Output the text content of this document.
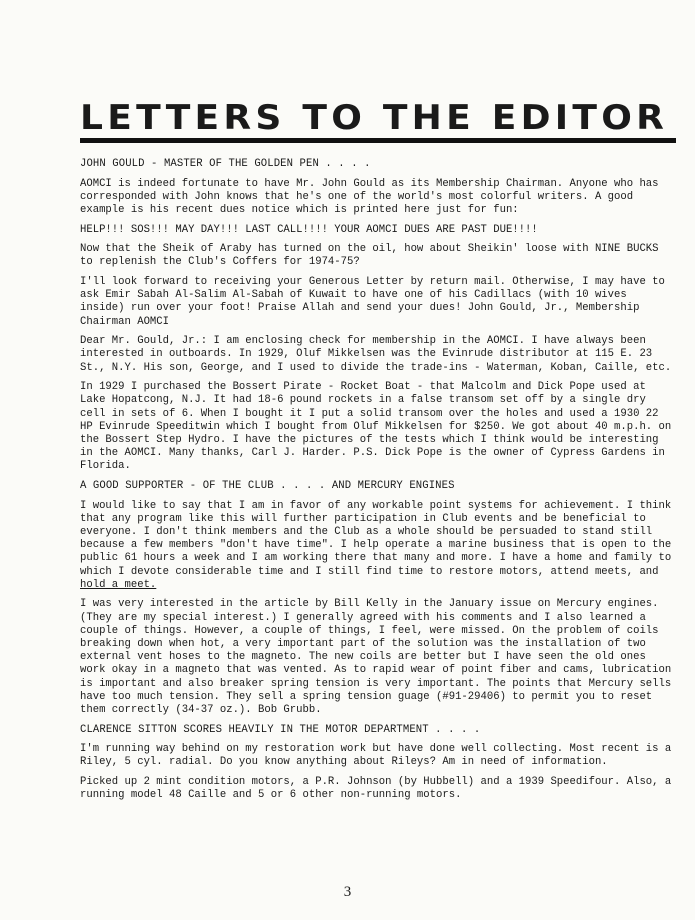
LETTERS TO THE EDITOR

JOHN GOULD - MASTER OF THE GOLDEN PEN . . . .

AOMCI is indeed fortunate to have Mr. John Gould as its Membership Chairman. Anyone who has corresponded with John knows that he's one of the world's most colorful writers. A good example is his recent dues notice which is printed here just for fun:

HELP!!! SOS!!! MAY DAY!!! LAST CALL!!!! YOUR AOMCI DUES ARE PAST DUE!!!!

Now that the Sheik of Araby has turned on the oil, how about Sheikin' loose with NINE BUCKS to replenish the Club's Coffers for 1974-75?

I'll look forward to receiving your Generous Letter by return mail. Otherwise, I may have to ask Emir Sabah Al-Salim Al-Sabah of Kuwait to have one of his Cadillacs (with 10 wives inside) run over your foot! Praise Allah and send your dues! John Gould, Jr., Membership Chairman AOMCI

Dear Mr. Gould, Jr.: I am enclosing check for membership in the AOMCI. I have always been interested in outboards. In 1929, Oluf Mikkelsen was the Evinrude distributor at 115 E. 23 St., N.Y. His son, George, and I used to divide the trade-ins - Waterman, Koban, Caille, etc.

In 1929 I purchased the Bossert Pirate - Rocket Boat - that Malcolm and Dick Pope used at Lake Hopatcong, N.J. It had 18-6 pound rockets in a false transom set off by a single dry cell in sets of 6. When I bought it I put a solid transom over the holes and used a 1930 22 HP Evinrude Speeditwin which I bought from Oluf Mikkelsen for $250. We got about 40 m.p.h. on the Bossert Step Hydro. I have the pictures of the tests which I think would be interesting in the AOMCI. Many thanks, Carl J. Harder. P.S. Dick Pope is the owner of Cypress Gardens in Florida.

A GOOD SUPPORTER - OF THE CLUB . . . . AND MERCURY ENGINES

I would like to say that I am in favor of any workable point systems for achievement. I think that any program like this will further participation in Club events and be beneficial to everyone. I don't think members and the Club as a whole should be persuaded to stand still because a few members "don't have time". I help operate a marine business that is open to the public 61 hours a week and I am working there that many and more. I have a home and family to which I devote considerable time and I still find time to restore motors, attend meets, and hold a meet.

I was very interested in the article by Bill Kelly in the January issue on Mercury engines. (They are my special interest.) I generally agreed with his comments and I also learned a couple of things. However, a couple of things, I feel, were missed. On the problem of coils breaking down when hot, a very important part of the solution was the installation of two external vent hoses to the magneto. The new coils are better but I have seen the old ones work okay in a magneto that was vented. As to rapid wear of point fiber and cams, lubrication is important and also breaker spring tension is very important. The points that Mercury sells have too much tension. They sell a spring tension guage (#91-29406) to permit you to reset them correctly (34-37 oz.). Bob Grubb.

CLARENCE SITTON SCORES HEAVILY IN THE MOTOR DEPARTMENT . . . .

I'm running way behind on my restoration work but have done well collecting. Most recent is a Riley, 5 cyl. radial. Do you know anything about Rileys? Am in need of information.

Picked up 2 mint condition motors, a P.R. Johnson (by Hubbell) and a 1939 Speedifour. Also, a running model 48 Caille and 5 or 6 other non-running motors.

3
